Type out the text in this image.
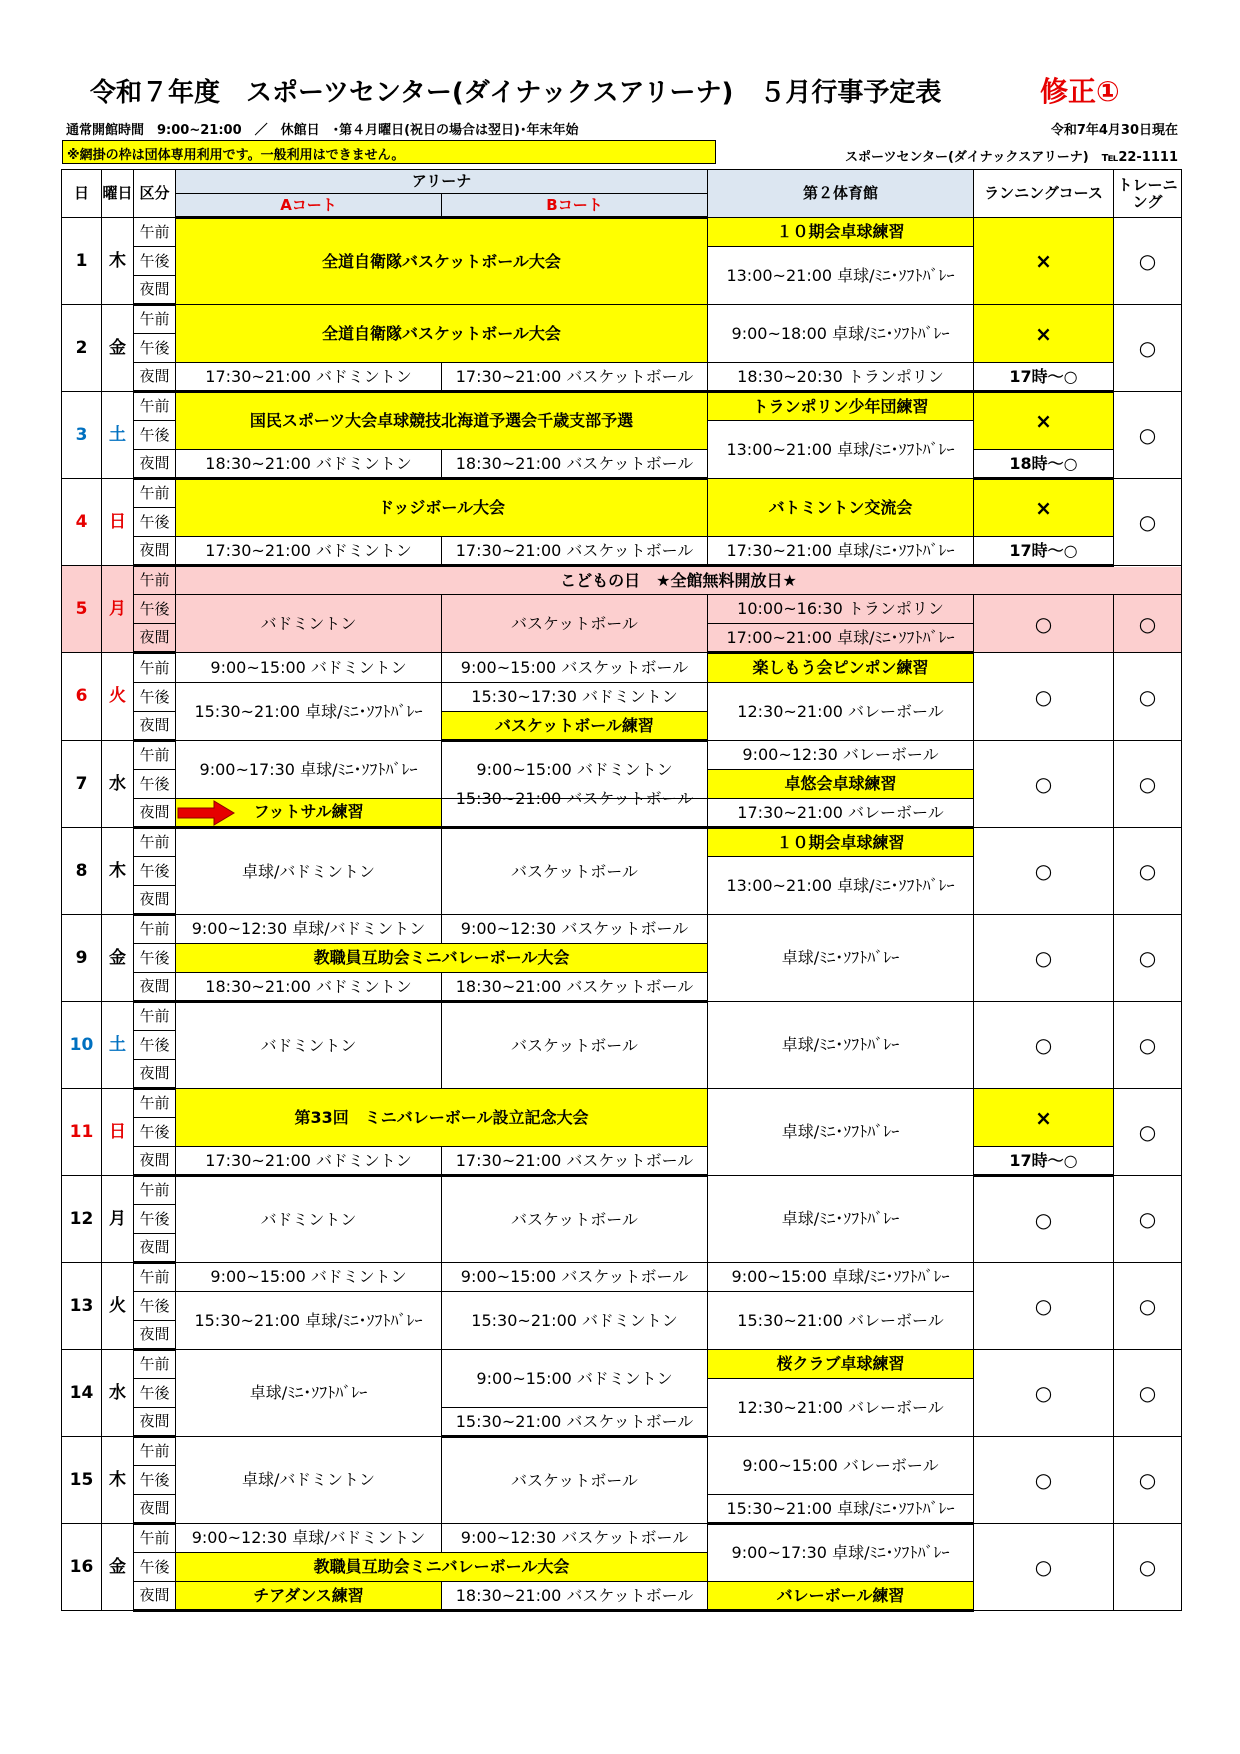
令和７年度　スポーツセンター(ダイナックスアリーナ)　５月行事予定表	修正①
通常開館時間　9:00~21:00　／　休館日　･第４月曜日(祝日の場合は翌日)･年末年始	令和7年4月30日現在
※網掛の枠は団体専用利用です。一般利用はできません。	スポーツセンター(ダイナックスアリーナ)　℡22-1111
日	曜日	区分	アリーナ		第２体育館	ランニングコース	トレーニング
			Aコート	Bコート			
1	木	午前	全道自衛隊バスケットボール大会		１０期会卓球練習	×	○
		午後			13:00~21:00 卓球/ﾐﾆ･ｿﾌﾄﾊﾞﾚｰ		
		夜間					
2	金	午前	全道自衛隊バスケットボール大会		9:00~18:00 卓球/ﾐﾆ･ｿﾌﾄﾊﾞﾚｰ	×	○
		午後					
		夜間	17:30~21:00 バドミントン	17:30~21:00 バスケットボール	18:30~20:30 トランポリン	17時～○	
3	土	午前	国民スポーツ大会卓球競技北海道予選会千歳支部予選		トランポリン少年団練習	×	○
		午後			13:00~21:00 卓球/ﾐﾆ･ｿﾌﾄﾊﾞﾚｰ		
		夜間	18:30~21:00 バドミントン	18:30~21:00 バスケットボール		18時～○	
4	日	午前	ドッジボール大会		バトミントン交流会	×	○
		午後					
		夜間	17:30~21:00 バドミントン	17:30~21:00 バスケットボール	17:30~21:00 卓球/ﾐﾆ･ｿﾌﾄﾊﾞﾚｰ	17時～○	
5	月	午前	こどもの日　★全館無料開放日★				
		午後	バドミントン	バスケットボール	10:00~16:30 トランポリン	○	○
		夜間			17:00~21:00 卓球/ﾐﾆ･ｿﾌﾄﾊﾞﾚｰ		
6	火	午前	9:00~15:00 バドミントン	9:00~15:00 バスケットボール	楽しもう会ピンポン練習	○	○
		午後	15:30~21:00 卓球/ﾐﾆ･ｿﾌﾄﾊﾞﾚｰ	15:30~17:30 バドミントン	12:30~21:00 バレーボール		
		夜間		バスケットボール練習			
7	水	午前	9:00~17:30 卓球/ﾐﾆ･ｿﾌﾄﾊﾞﾚｰ	9:00~15:00 バドミントン	9:00~12:30 バレーボール	○	○
		午後			卓悠会卓球練習		
		夜間	フットサル練習	15:30~21:00 バスケットボール	17:30~21:00 バレーボール		
8	木	午前	卓球/バドミントン	バスケットボール	１０期会卓球練習	○	○
		午後			13:00~21:00 卓球/ﾐﾆ･ｿﾌﾄﾊﾞﾚｰ		
		夜間					
9	金	午前	9:00~12:30 卓球/バドミントン	9:00~12:30 バスケットボール	卓球/ﾐﾆ･ｿﾌﾄﾊﾞﾚｰ	○	○
		午後	教職員互助会ミニバレーボール大会				
		夜間	18:30~21:00 バドミントン	18:30~21:00 バスケットボール			
10	土	午前	バドミントン	バスケットボール	卓球/ﾐﾆ･ｿﾌﾄﾊﾞﾚｰ	○	○
		午後					
		夜間					
11	日	午前	第33回　ミニバレーボール設立記念大会		卓球/ﾐﾆ･ｿﾌﾄﾊﾞﾚｰ	×	○
		午後					
		夜間	17:30~21:00 バドミントン	17:30~21:00 バスケットボール		17時～○	
12	月	午前	バドミントン	バスケットボール	卓球/ﾐﾆ･ｿﾌﾄﾊﾞﾚｰ	○	○
		午後					
		夜間					
13	火	午前	9:00~15:00 バドミントン	9:00~15:00 バスケットボール	9:00~15:00 卓球/ﾐﾆ･ｿﾌﾄﾊﾞﾚｰ	○	○
		午後	15:30~21:00 卓球/ﾐﾆ･ｿﾌﾄﾊﾞﾚｰ	15:30~21:00 バドミントン	15:30~21:00 バレーボール		
		夜間					
14	水	午前	卓球/ﾐﾆ･ｿﾌﾄﾊﾞﾚｰ	9:00~15:00 バドミントン	桜クラブ卓球練習	○	○
		午後			12:30~21:00 バレーボール		
		夜間		15:30~21:00 バスケットボール			
15	木	午前	卓球/バドミントン	バスケットボール	9:00~15:00 バレーボール	○	○
		午後					
		夜間			15:30~21:00 卓球/ﾐﾆ･ｿﾌﾄﾊﾞﾚｰ		
16	金	午前	9:00~12:30 卓球/バドミントン	9:00~12:30 バスケットボール	9:00~17:30 卓球/ﾐﾆ･ｿﾌﾄﾊﾞﾚｰ	○	○
		午後	教職員互助会ミニバレーボール大会				
		夜間	チアダンス練習	18:30~21:00 バスケットボール	バレーボール練習		
